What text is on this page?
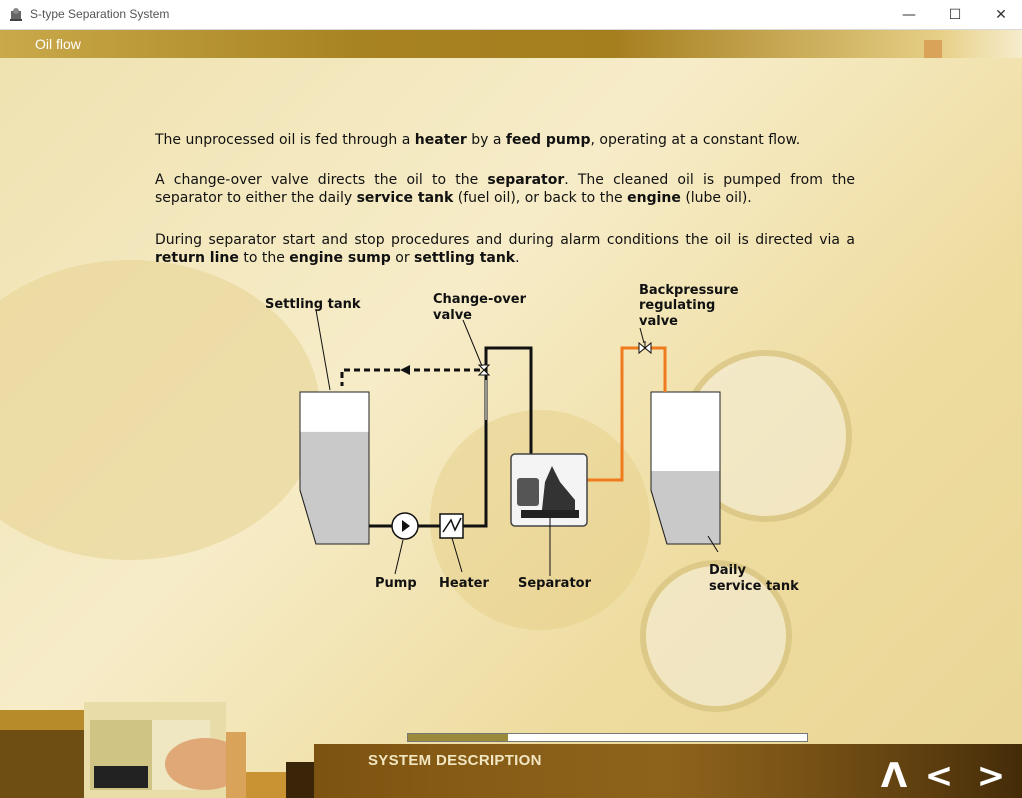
S-type Separation System	—	☐	✕
Oil flow
The unprocessed oil is fed through a heater by a feed pump, operating at a constant flow.
A change-over valve directs the oil to the separator. The cleaned oil is pumped from the separator to either the daily service tank (fuel oil), or back to the engine (lube oil).
During separator start and stop procedures and during alarm conditions the oil is directed via a return line to the engine sump or settling tank.
Settling tank	Change-over
valve
Backpressure
regulating
valve
Pump Heater Separator
Daily
service tank
SYSTEM DESCRIPTION	Λ < >
